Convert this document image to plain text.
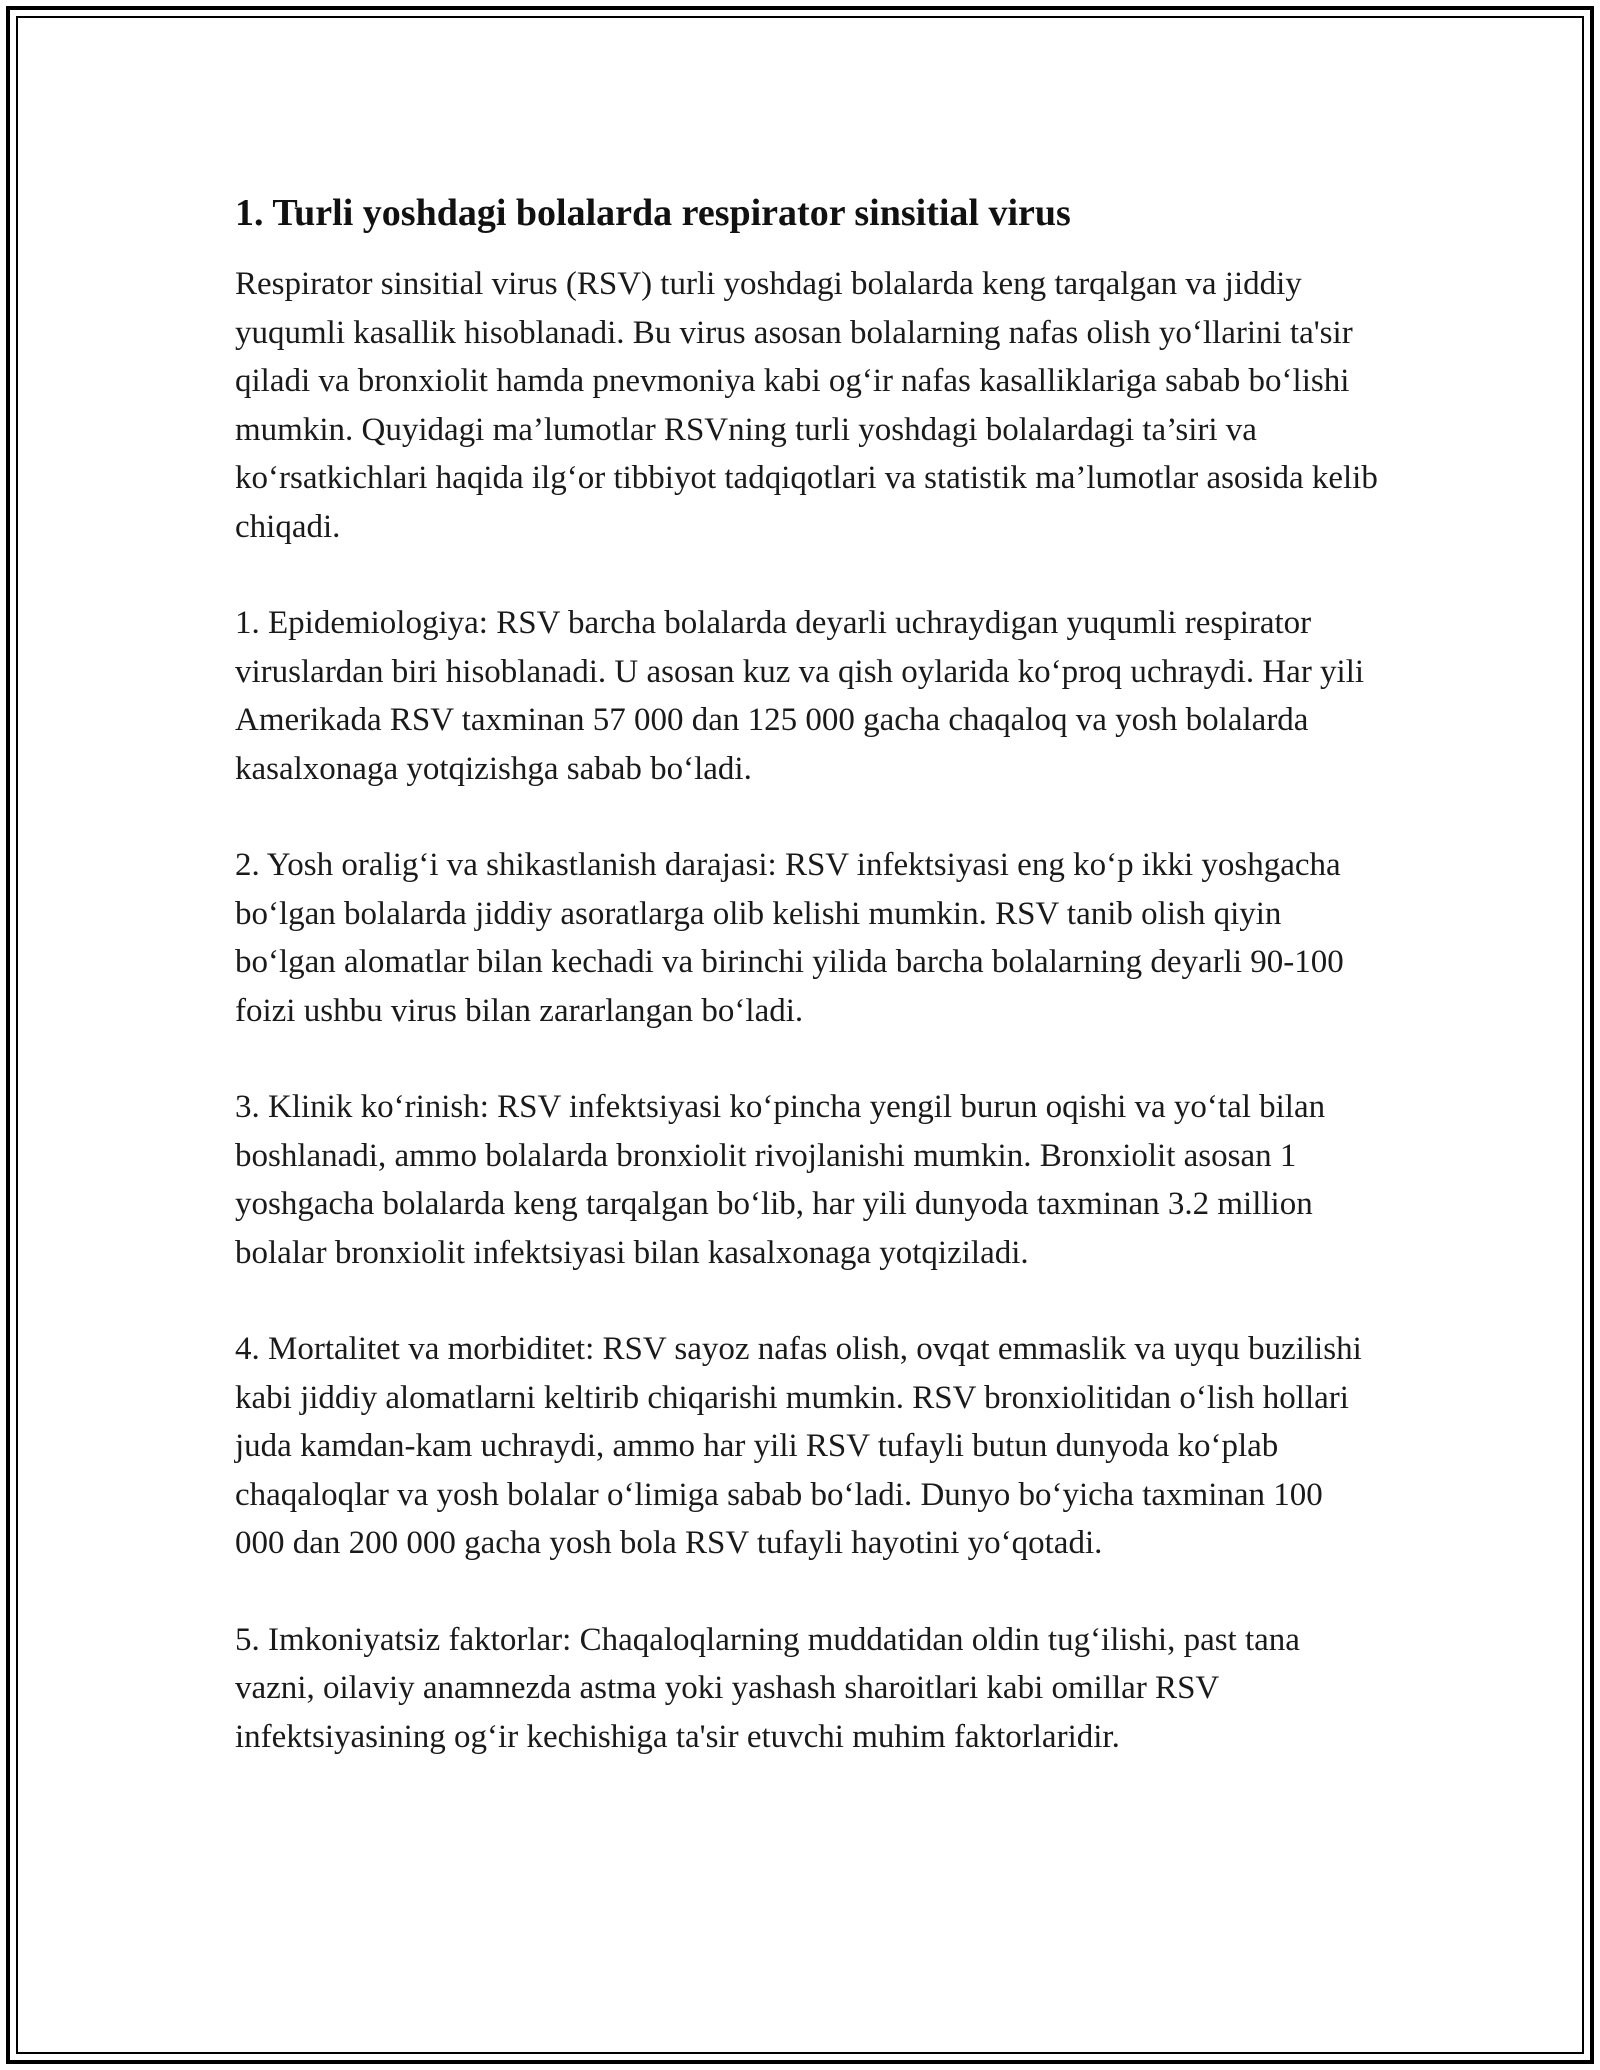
1. Turli yoshdagi bolalarda respirator sinsitial virus

Respirator sinsitial virus (RSV) turli yoshdagi bolalarda keng tarqalgan va jiddiy yuqumli kasallik hisoblanadi. Bu virus asosan bolalarning nafas olish yo‘llarini ta'sir qiladi va bronxiolit hamda pnevmoniya kabi og‘ir nafas kasalliklariga sabab bo‘lishi mumkin. Quyidagi ma’lumotlar RSVning turli yoshdagi bolalardagi ta’siri va ko‘rsatkichlari haqida ilg‘or tibbiyot tadqiqotlari va statistik ma’lumotlar asosida kelib chiqadi.

1. Epidemiologiya: RSV barcha bolalarda deyarli uchraydigan yuqumli respirator viruslardan biri hisoblanadi. U asosan kuz va qish oylarida ko‘proq uchraydi. Har yili Amerikada RSV taxminan 57 000 dan 125 000 gacha chaqaloq va yosh bolalarda kasalxonaga yotqizishga sabab bo‘ladi.

2. Yosh oralig‘i va shikastlanish darajasi: RSV infektsiyasi eng ko‘p ikki yoshgacha bo‘lgan bolalarda jiddiy asoratlarga olib kelishi mumkin. RSV tanib olish qiyin bo‘lgan alomatlar bilan kechadi va birinchi yilida barcha bolalarning deyarli 90-100 foizi ushbu virus bilan zararlangan bo‘ladi.

3. Klinik ko‘rinish: RSV infektsiyasi ko‘pincha yengil burun oqishi va yo‘tal bilan boshlanadi, ammo bolalarda bronxiolit rivojlanishi mumkin. Bronxiolit asosan 1 yoshgacha bolalarda keng tarqalgan bo‘lib, har yili dunyoda taxminan 3.2 million bolalar bronxiolit infektsiyasi bilan kasalxonaga yotqiziladi.

4. Mortalitet va morbiditet: RSV sayoz nafas olish, ovqat emmaslik va uyqu buzilishi kabi jiddiy alomatlarni keltirib chiqarishi mumkin. RSV bronxiolitidan o‘lish hollari juda kamdan-kam uchraydi, ammo har yili RSV tufayli butun dunyoda ko‘plab chaqaloqlar va yosh bolalar o‘limiga sabab bo‘ladi. Dunyo bo‘yicha taxminan 100 000 dan 200 000 gacha yosh bola RSV tufayli hayotini yo‘qotadi.

5. Imkoniyatsiz faktorlar: Chaqaloqlarning muddatidan oldin tug‘ilishi, past tana vazni, oilaviy anamnezda astma yoki yashash sharoitlari kabi omillar RSV infektsiyasining og‘ir kechishiga ta'sir etuvchi muhim faktorlaridir.
